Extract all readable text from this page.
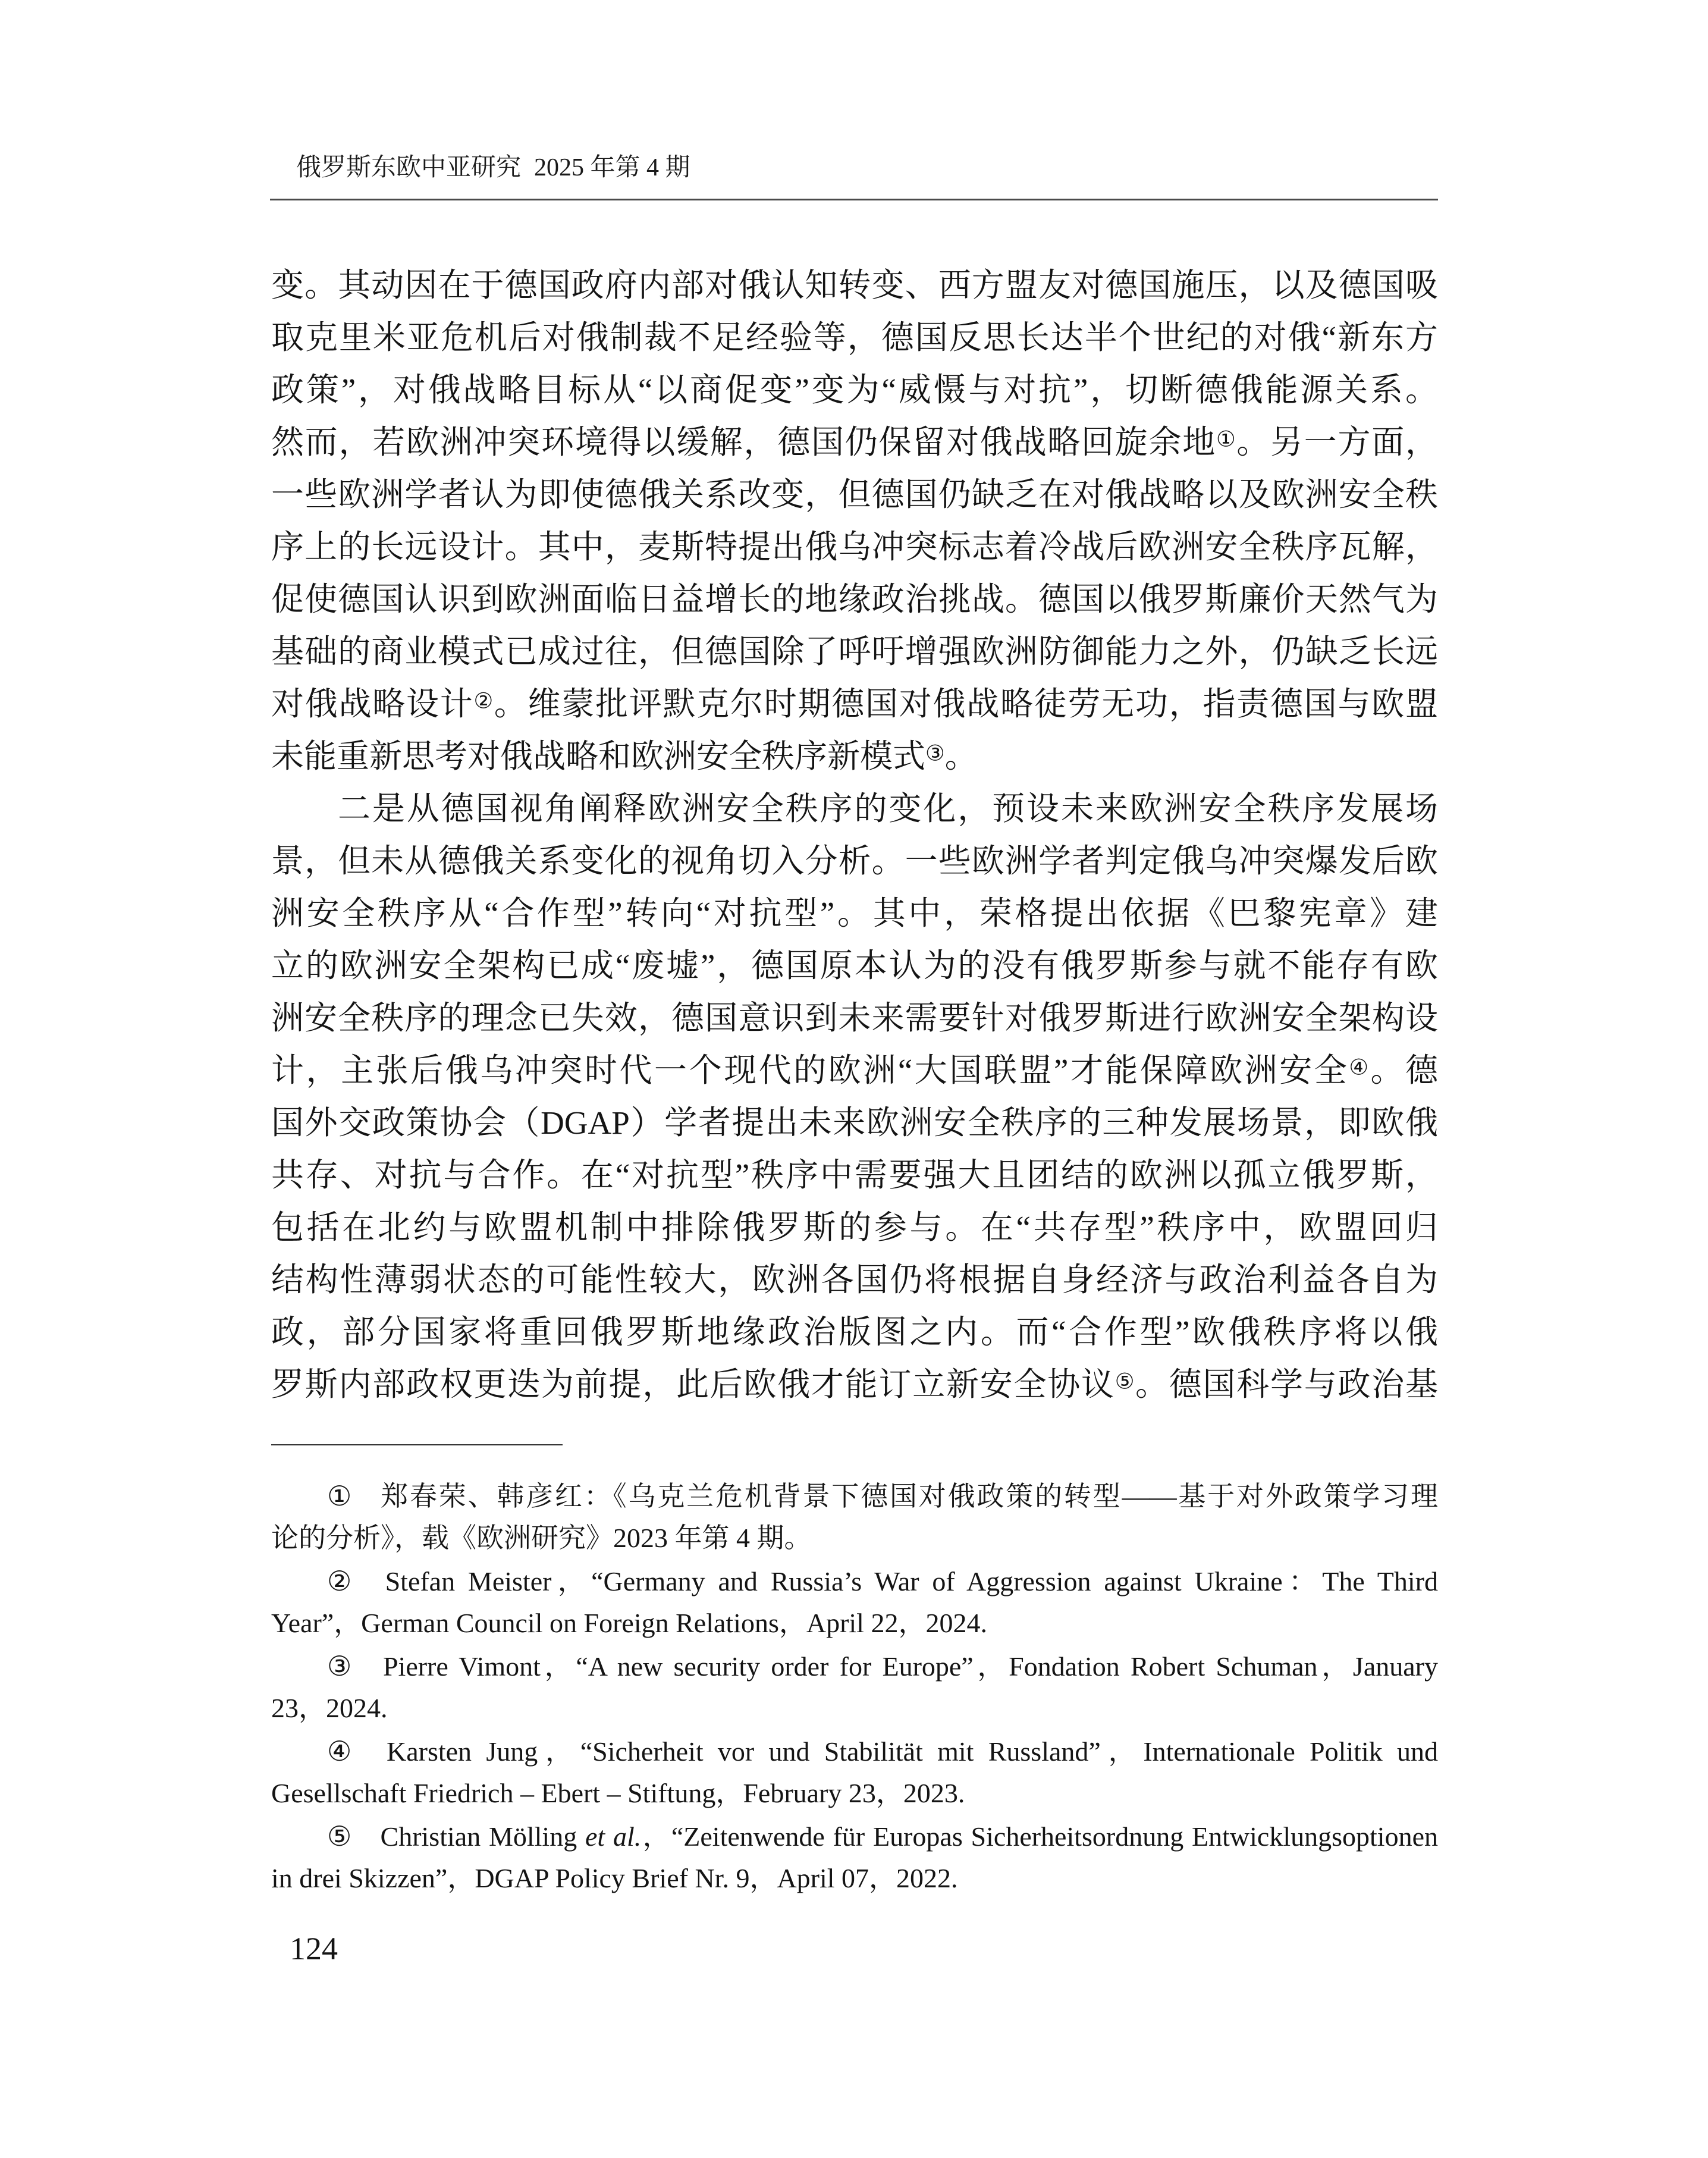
俄罗斯东欧中亚研究 2025 年第 4 期
变。其动因在于德国政府内部对俄认知转变、西方盟友对德国施压，以及德国吸
取克里米亚危机后对俄制裁不足经验等，德国反思长达半个世纪的对俄“新东方
政策”，对俄战略目标从“以商促变”变为“威慑与对抗”，切断德俄能源关系。
然而，若欧洲冲突环境得以缓解，德国仍保留对俄战略回旋余地①。另一方面，
一些欧洲学者认为即使德俄关系改变，但德国仍缺乏在对俄战略以及欧洲安全秩
序上的长远设计。其中，麦斯特提出俄乌冲突标志着冷战后欧洲安全秩序瓦解，
促使德国认识到欧洲面临日益增长的地缘政治挑战。德国以俄罗斯廉价天然气为
基础的商业模式已成过往，但德国除了呼吁增强欧洲防御能力之外，仍缺乏长远
对俄战略设计②。维蒙批评默克尔时期德国对俄战略徒劳无功，指责德国与欧盟
未能重新思考对俄战略和欧洲安全秩序新模式③。
二是从德国视角阐释欧洲安全秩序的变化，预设未来欧洲安全秩序发展场
景，但未从德俄关系变化的视角切入分析。一些欧洲学者判定俄乌冲突爆发后欧
洲安全秩序从“合作型”转向“对抗型”。其中，荣格提出依据《巴黎宪章》建
立的欧洲安全架构已成“废墟”，德国原本认为的没有俄罗斯参与就不能存有欧
洲安全秩序的理念已失效，德国意识到未来需要针对俄罗斯进行欧洲安全架构设
计，主张后俄乌冲突时代一个现代的欧洲“大国联盟”才能保障欧洲安全④。德
国外交政策协会（DGAP）学者提出未来欧洲安全秩序的三种发展场景，即欧俄
共存、对抗与合作。在“对抗型”秩序中需要强大且团结的欧洲以孤立俄罗斯，
包括在北约与欧盟机制中排除俄罗斯的参与。在“共存型”秩序中，欧盟回归
结构性薄弱状态的可能性较大，欧洲各国仍将根据自身经济与政治利益各自为
政，部分国家将重回俄罗斯地缘政治版图之内。而“合作型”欧俄秩序将以俄
罗斯内部政权更迭为前提，此后欧俄才能订立新安全协议⑤。德国科学与政治基
① 郑春荣、韩彦红：《乌克兰危机背景下德国对俄政策的转型——基于对外政策学习理
论的分析》，载《欧洲研究》2023 年第 4 期。
② Stefan Meister，“Germany and Russia’s War of Aggression against Ukraine：The Third
Year”，German Council on Foreign Relations，April 22，2024.
③ Pierre Vimont，“A new security order for Europe”，Fondation Robert Schuman，January
23，2024.
④ Karsten Jung，“Sicherheit vor und Stabilität mit Russland”，Internationale Politik und
Gesellschaft Friedrich – Ebert – Stiftung，February 23，2023.
⑤ Christian Mölling et al.，“Zeitenwende für Europas Sicherheitsordnung Entwicklungsoptionen
in drei Skizzen”，DGAP Policy Brief Nr. 9，April 07，2022.
124
